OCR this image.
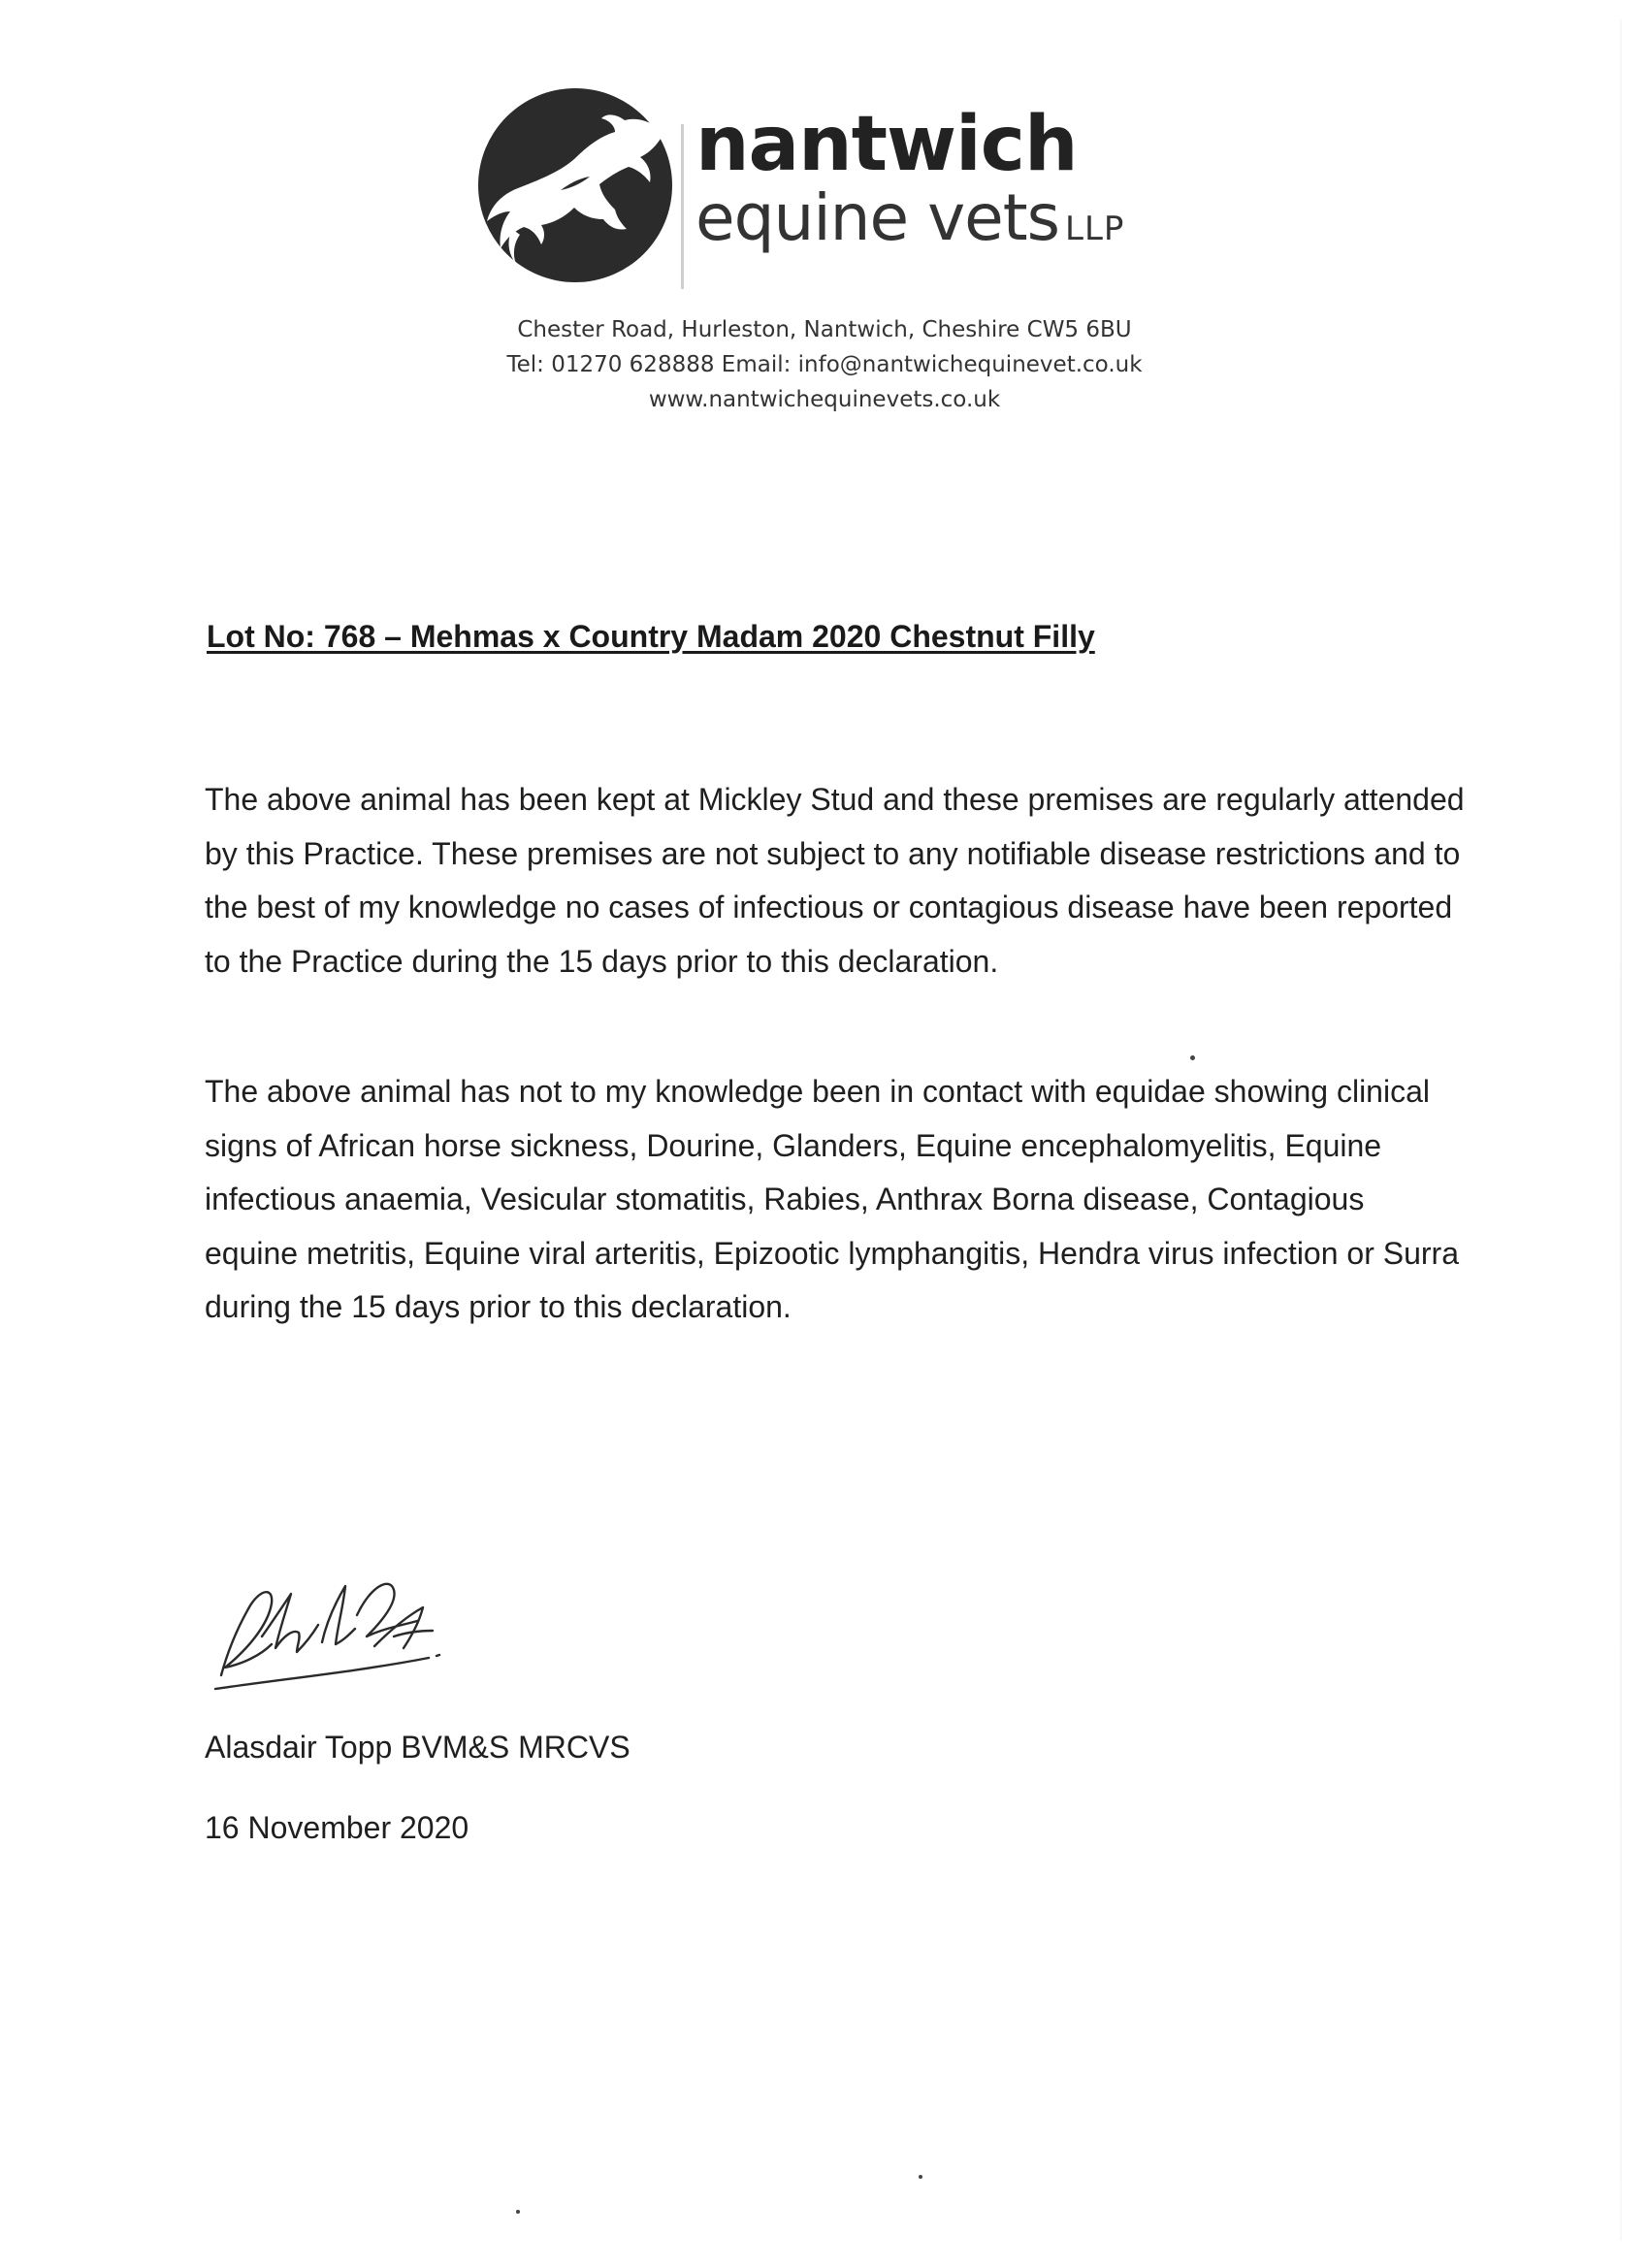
nantwich
equine vets LLP
Chester Road, Hurleston, Nantwich, Cheshire CW5 6BU
Tel: 01270 628888 Email: info@nantwichequinevet.co.uk
www.nantwichequinevets.co.uk
Lot No: 768 – Mehmas x Country Madam 2020 Chestnut Filly
The above animal has been kept at Mickley Stud and these premises are regularly attended by this Practice. These premises are not subject to any notifiable disease restrictions and to the best of my knowledge no cases of infectious or contagious disease have been reported to the Practice during the 15 days prior to this declaration.
The above animal has not to my knowledge been in contact with equidae showing clinical signs of African horse sickness, Dourine, Glanders, Equine encephalomyelitis, Equine infectious anaemia, Vesicular stomatitis, Rabies, Anthrax Borna disease, Contagious equine metritis, Equine viral arteritis, Epizootic lymphangitis, Hendra virus infection or Surra during the 15 days prior to this declaration.
Alasdair Topp BVM&S MRCVS
16 November 2020
